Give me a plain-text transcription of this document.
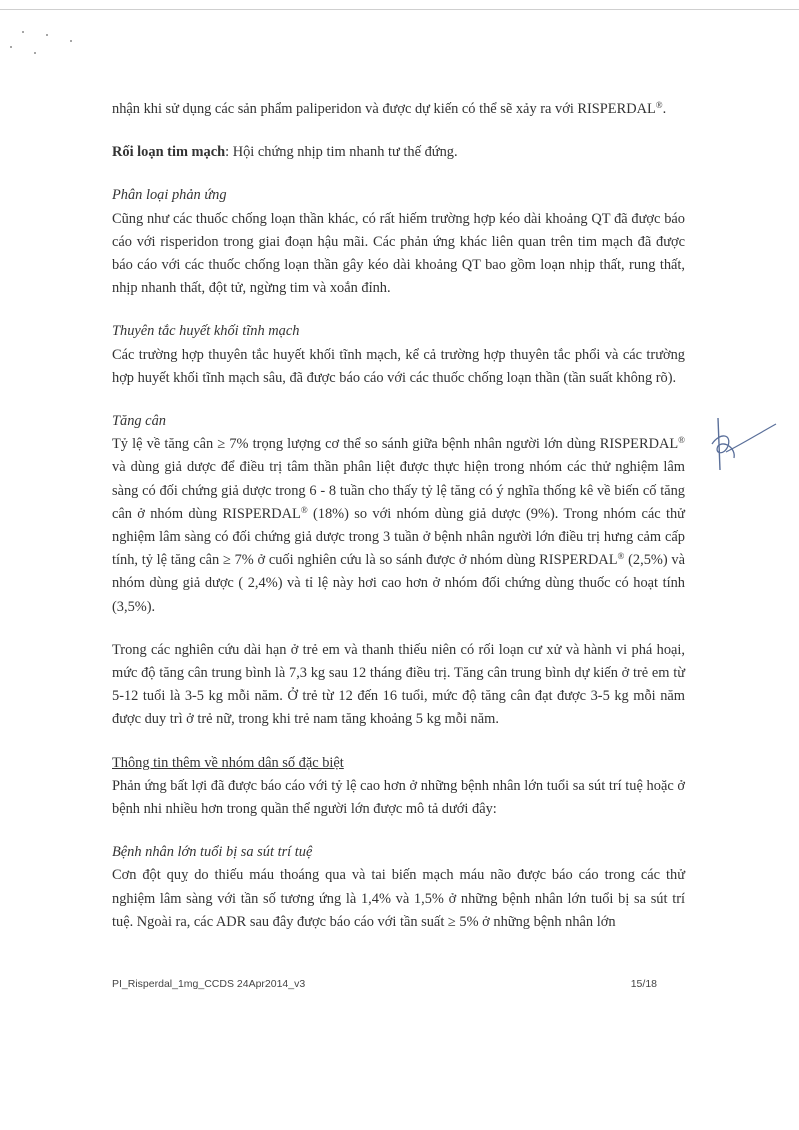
nhận khi sử dụng các sản phẩm paliperidon và được dự kiến có thể sẽ xảy ra với RISPERDAL®.

Rối loạn tim mạch: Hội chứng nhịp tim nhanh tư thế đứng.

Phân loại phản ứng

Cũng như các thuốc chống loạn thần khác, có rất hiếm trường hợp kéo dài khoảng QT đã được báo cáo với risperidon trong giai đoạn hậu mãi. Các phản ứng khác liên quan trên tim mạch đã được báo cáo với các thuốc chống loạn thần gây kéo dài khoảng QT bao gồm loạn nhịp thất, rung thất, nhịp nhanh thất, đột tử, ngừng tim và xoắn đỉnh.

Thuyên tắc huyết khối tĩnh mạch

Các trường hợp thuyên tắc huyết khối tĩnh mạch, kể cả trường hợp thuyên tắc phổi và các trường hợp huyết khối tĩnh mạch sâu, đã được báo cáo với các thuốc chống loạn thần (tần suất không rõ).

Tăng cân

Tỷ lệ về tăng cân ≥ 7% trọng lượng cơ thể so sánh giữa bệnh nhân người lớn dùng RISPERDAL® và dùng giả dược để điều trị tâm thần phân liệt được thực hiện trong nhóm các thử nghiệm lâm sàng có đối chứng giả dược trong 6 - 8 tuần cho thấy tỷ lệ tăng có ý nghĩa thống kê về biến cố tăng cân ở nhóm dùng RISPERDAL® (18%) so với nhóm dùng giả dược (9%). Trong nhóm các thử nghiệm lâm sàng có đối chứng giả dược trong 3 tuần ở bệnh nhân người lớn điều trị hưng cảm cấp tính, tỷ lệ tăng cân ≥ 7% ở cuối nghiên cứu là so sánh được ở nhóm dùng RISPERDAL® (2,5%) và nhóm dùng giả dược ( 2,4%) và tỉ lệ này hơi cao hơn ở nhóm đối chứng dùng thuốc có hoạt tính (3,5%).

Trong các nghiên cứu dài hạn ở trẻ em và thanh thiếu niên có rối loạn cư xử và hành vi phá hoại, mức độ tăng cân trung bình là 7,3 kg sau 12 tháng điều trị. Tăng cân trung bình dự kiến ở trẻ em từ 5-12 tuổi là 3-5 kg mỗi năm. Ở trẻ từ 12 đến 16 tuổi, mức độ tăng cân đạt được 3-5 kg mỗi năm được duy trì ở trẻ nữ, trong khi trẻ nam tăng khoảng 5 kg mỗi năm.

Thông tin thêm về nhóm dân số đặc biệt

Phản ứng bất lợi đã được báo cáo với tỷ lệ cao hơn ở những bệnh nhân lớn tuổi sa sút trí tuệ hoặc ở bệnh nhi nhiều hơn trong quần thể người lớn được mô tả dưới đây:

Bệnh nhân lớn tuổi bị sa sút trí tuệ

Cơn đột quỵ do thiếu máu thoáng qua và tai biến mạch máu não được báo cáo trong các thử nghiệm lâm sàng với tần số tương ứng là 1,4% và 1,5% ở những bệnh nhân lớn tuổi bị sa sút trí tuệ. Ngoài ra, các ADR sau đây được báo cáo với tần suất ≥ 5% ở những bệnh nhân lớn

PI_Risperdal_1mg_CCDS 24Apr2014_v3	15/18
